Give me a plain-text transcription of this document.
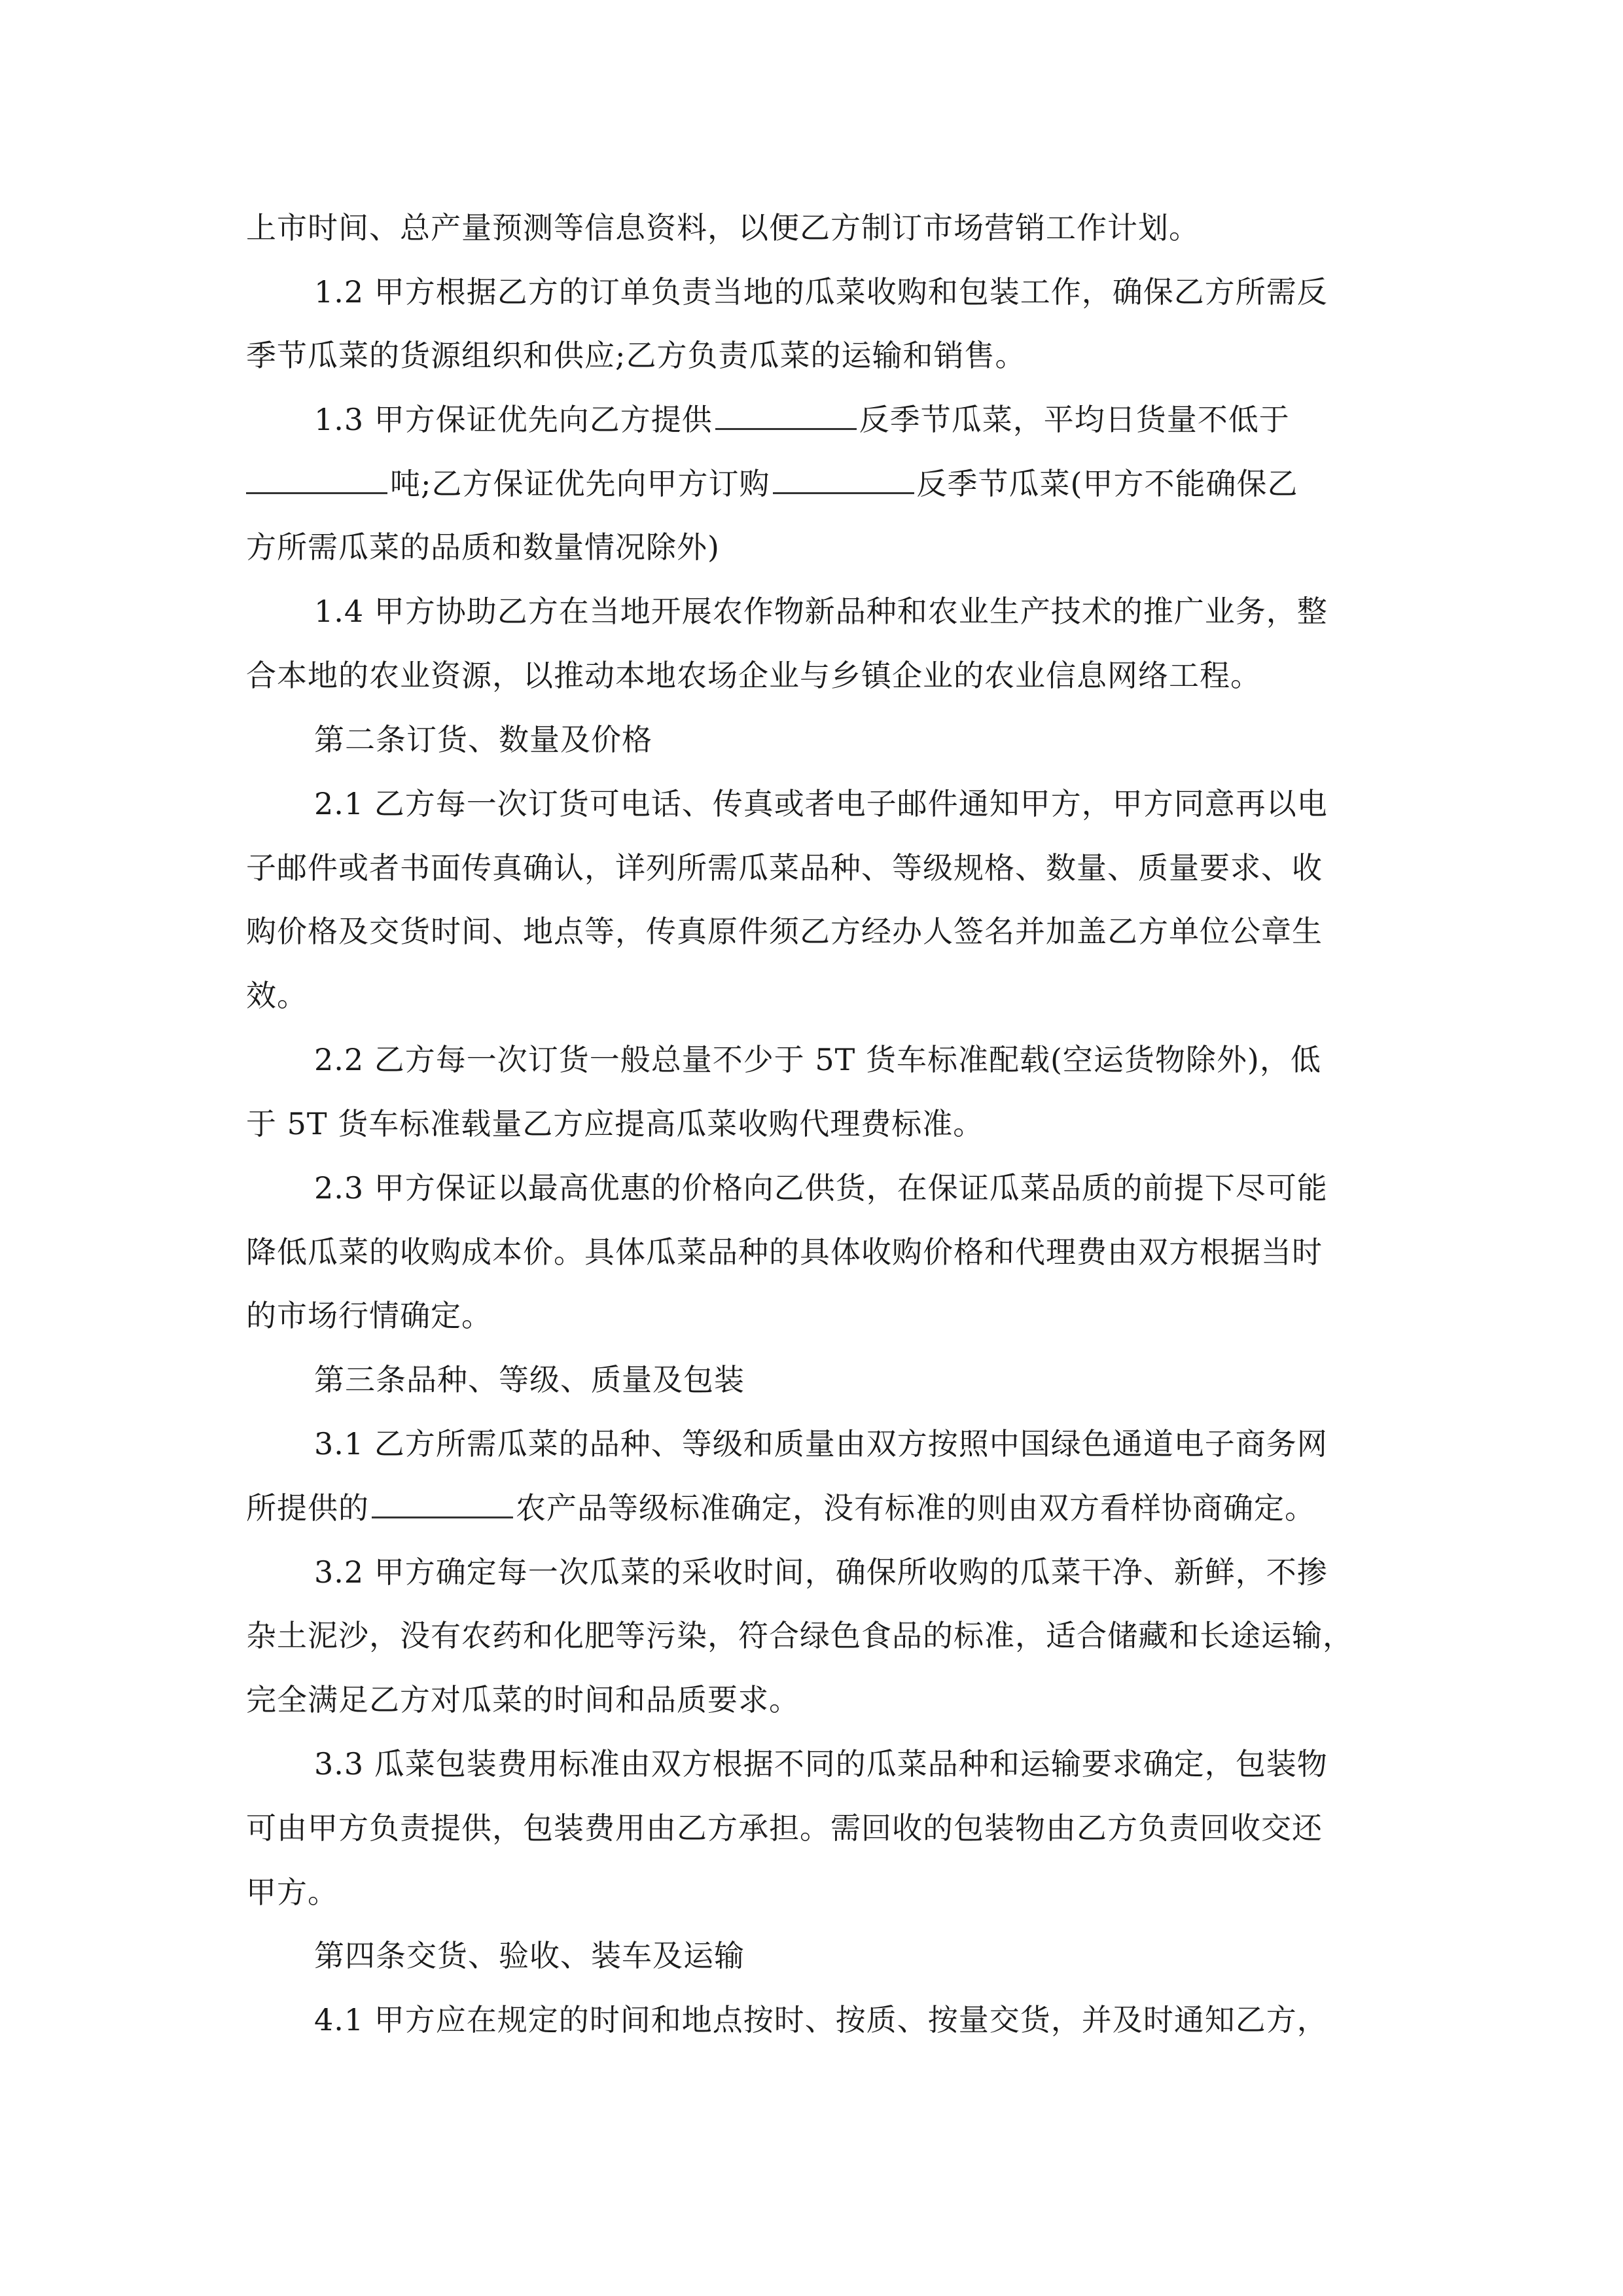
上市时间、总产量预测等信息资料，以便乙方制订市场营销工作计划。
1.2 甲方根据乙方的订单负责当地的瓜菜收购和包装工作，确保乙方所需反
季节瓜菜的货源组织和供应;乙方负责瓜菜的运输和销售。
1.3 甲方保证优先向乙方提供	反季节瓜菜，平均日货量不低于
吨;乙方保证优先向甲方订购	反季节瓜菜(甲方不能确保乙
方所需瓜菜的品质和数量情况除外)
1.4 甲方协助乙方在当地开展农作物新品种和农业生产技术的推广业务，整
合本地的农业资源，以推动本地农场企业与乡镇企业的农业信息网络工程。
第二条订货、数量及价格
2.1 乙方每一次订货可电话、传真或者电子邮件通知甲方，甲方同意再以电
子邮件或者书面传真确认，详列所需瓜菜品种、等级规格、数量、质量要求、收
购价格及交货时间、地点等，传真原件须乙方经办人签名并加盖乙方单位公章生
效。
2.2 乙方每一次订货一般总量不少于 5T 货车标准配载(空运货物除外)，低
于 5T 货车标准载量乙方应提高瓜菜收购代理费标准。
2.3 甲方保证以最高优惠的价格向乙供货，在保证瓜菜品质的前提下尽可能
降低瓜菜的收购成本价。具体瓜菜品种的具体收购价格和代理费由双方根据当时
的市场行情确定。
第三条品种、等级、质量及包装
3.1 乙方所需瓜菜的品种、等级和质量由双方按照中国绿色通道电子商务网
所提供的	农产品等级标准确定，没有标准的则由双方看样协商确定。
3.2 甲方确定每一次瓜菜的采收时间，确保所收购的瓜菜干净、新鲜，不掺
杂土泥沙，没有农药和化肥等污染，符合绿色食品的标准，适合储藏和长途运输，
完全满足乙方对瓜菜的时间和品质要求。
3.3 瓜菜包装费用标准由双方根据不同的瓜菜品种和运输要求确定，包装物
可由甲方负责提供，包装费用由乙方承担。需回收的包装物由乙方负责回收交还
甲方。
第四条交货、验收、装车及运输
4.1 甲方应在规定的时间和地点按时、按质、按量交货，并及时通知乙方，
